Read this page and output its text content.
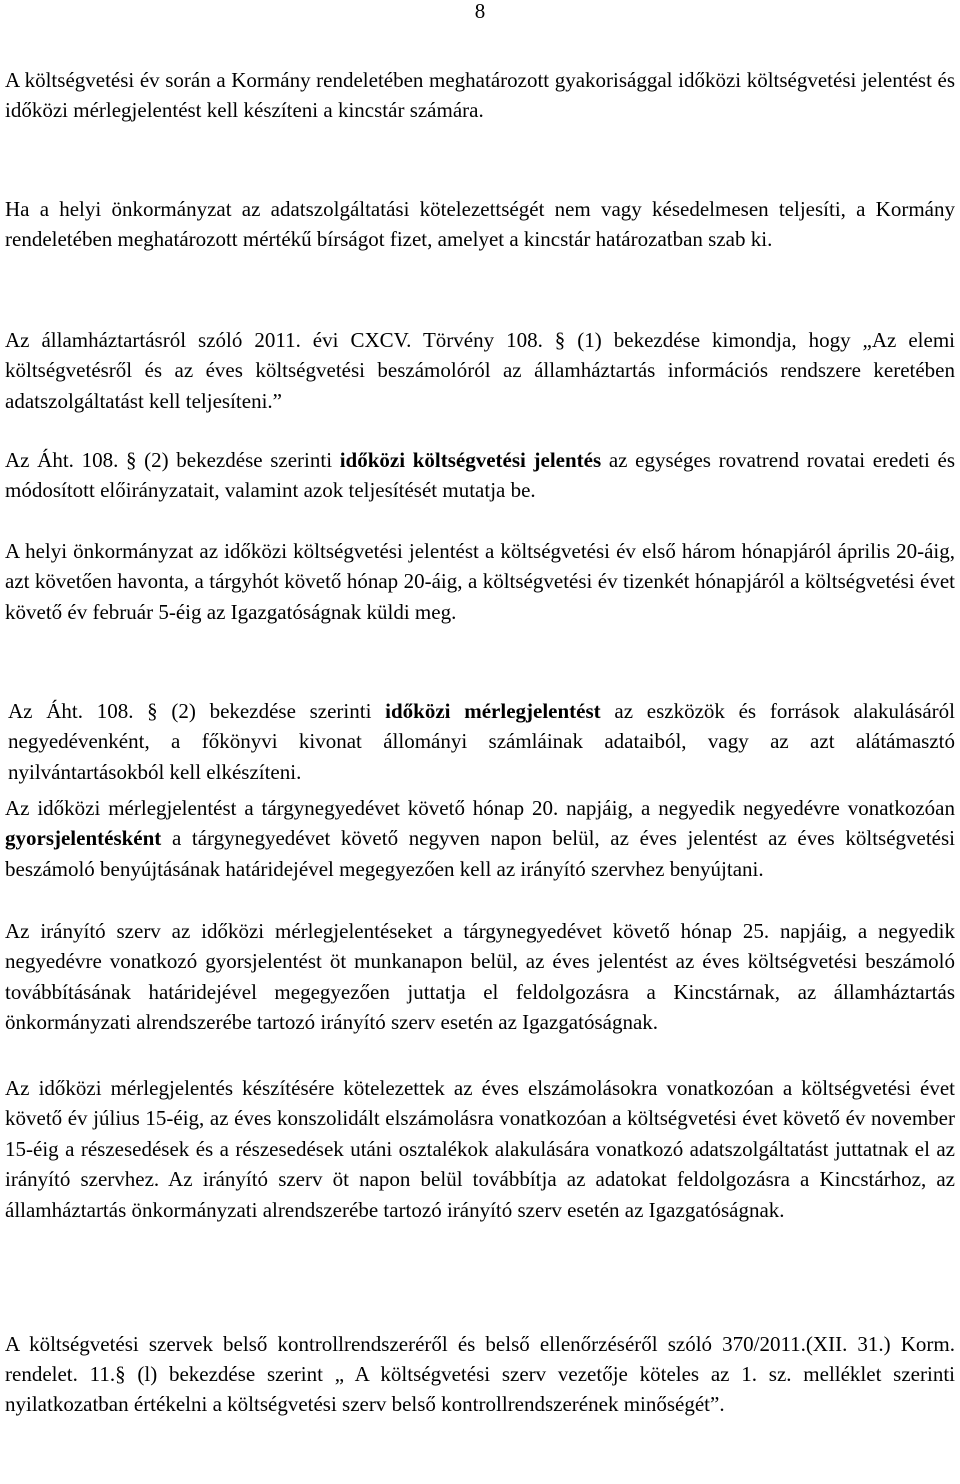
8

A költségvetési év során a Kormány rendeletében meghatározott gyakorisággal időközi költségvetési jelentést és időközi mérlegjelentést kell készíteni a kincstár számára.

Ha a helyi önkormányzat az adatszolgáltatási kötelezettségét nem vagy késedelmesen teljesíti, a Kormány rendeletében meghatározott mértékű bírságot fizet, amelyet a kincstár határozatban szab ki.

Az államháztartásról szóló 2011. évi CXCV. Törvény 108. § (1) bekezdése kimondja, hogy „Az elemi költségvetésről és az éves költségvetési beszámolóról az államháztartás információs rendszere keretében adatszolgáltatást kell teljesíteni.”

Az Áht. 108. § (2) bekezdése szerinti időközi költségvetési jelentés az egységes rovatrend rovatai eredeti és módosított előirányzatait, valamint azok teljesítését mutatja be.

A helyi önkormányzat az időközi költségvetési jelentést a költségvetési év első három hónapjáról április 20-áig, azt követően havonta, a tárgyhót követő hónap 20-áig, a költségvetési év tizenkét hónapjáról a költségvetési évet követő év február 5-éig az Igazgatóságnak küldi meg.

Az Áht. 108. § (2) bekezdése szerinti időközi mérlegjelentést az eszközök és források alakulásáról negyedévenként, a főkönyvi kivonat állományi számláinak adataiból, vagy az azt alátámasztó nyilvántartásokból kell elkészíteni.

Az időközi mérlegjelentést a tárgynegyedévet követő hónap 20. napjáig, a negyedik negyedévre vonatkozóan gyorsjelentésként a tárgynegyedévet követő negyven napon belül, az éves jelentést az éves költségvetési beszámoló benyújtásának határidejével megegyezően kell az irányító szervhez benyújtani.

Az irányító szerv az időközi mérlegjelentéseket a tárgynegyedévet követő hónap 25. napjáig, a negyedik negyedévre vonatkozó gyorsjelentést öt munkanapon belül, az éves jelentést az éves költségvetési beszámoló továbbításának határidejével megegyezően juttatja el feldolgozásra a Kincstárnak, az államháztartás önkormányzati alrendszerébe tartozó irányító szerv esetén az Igazgatóságnak.

Az időközi mérlegjelentés készítésére kötelezettek az éves elszámolásokra vonatkozóan a költségvetési évet követő év július 15-éig, az éves konszolidált elszámolásra vonatkozóan a költségvetési évet követő év november 15-éig a részesedések és a részesedések utáni osztalékok alakulására vonatkozó adatszolgáltatást juttatnak el az irányító szervhez. Az irányító szerv öt napon belül továbbítja az adatokat feldolgozásra a Kincstárhoz, az államháztartás önkormányzati alrendszerébe tartozó irányító szerv esetén az Igazgatóságnak.

A költségvetési szervek belső kontrollrendszeréről és belső ellenőrzéséről szóló 370/2011.(XII. 31.) Korm. rendelet. 11.§ (l) bekezdése szerint „ A költségvetési szerv vezetője köteles az 1. sz. melléklet szerinti nyilatkozatban értékelni a költségvetési szerv belső kontrollrendszerének minőségét”.
